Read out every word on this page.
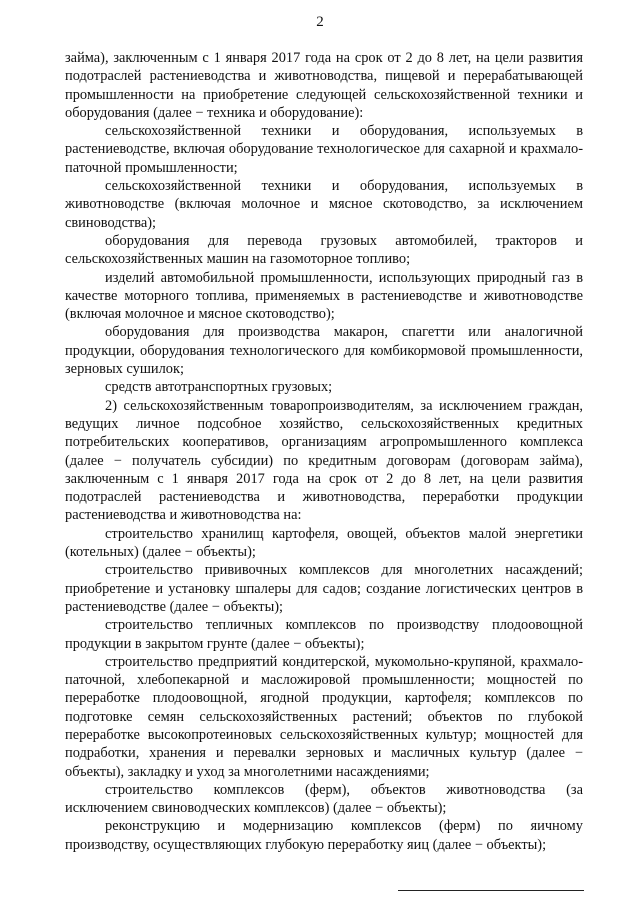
2

займа), заключенным с 1 января 2017 года на срок от 2 до 8 лет, на цели развития подотраслей растениеводства и животноводства, пищевой и перерабатывающей промышленности на приобретение следующей сельскохозяйственной техники и оборудования (далее − техника и оборудование):

сельскохозяйственной техники и оборудования, используемых в растениеводстве, включая оборудование технологическое для сахарной и крахмало-паточной промышленности;

сельскохозяйственной техники и оборудования, используемых в животноводстве (включая молочное и мясное скотоводство, за исключением свиноводства);

оборудования для перевода грузовых автомобилей, тракторов и сельскохозяйственных машин на газомоторное топливо;

изделий автомобильной промышленности, использующих природный газ в качестве моторного топлива, применяемых в растениеводстве и животноводстве (включая молочное и мясное скотоводство);

оборудования для производства макарон, спагетти или аналогичной продукции, оборудования технологического для комбикормовой промышленности, зерновых сушилок;

средств автотранспортных грузовых;

2) сельскохозяйственным товаропроизводителям, за исключением граждан, ведущих личное подсобное хозяйство, сельскохозяйственных кредитных потребительских кооперативов, организациям агропромышленного комплекса (далее − получатель субсидии) по кредитным договорам (договорам займа), заключенным с 1 января 2017 года на срок от 2 до 8 лет, на цели развития подотраслей растениеводства и животноводства, переработки продукции растениеводства и животноводства на:

строительство хранилищ картофеля, овощей, объектов малой энергетики (котельных) (далее − объекты);

строительство прививочных комплексов для многолетних насаждений; приобретение и установку шпалеры для садов; создание логистических центров в растениеводстве (далее − объекты);

строительство тепличных комплексов по производству плодоовощной продукции в закрытом грунте (далее − объекты);

строительство предприятий кондитерской, мукомольно-крупяной, крахмало-паточной, хлебопекарной и масложировой промышленности; мощностей по переработке плодоовощной, ягодной продукции, картофеля; комплексов по подготовке семян сельскохозяйственных растений; объектов по глубокой переработке высокопротеиновых сельскохозяйственных культур; мощностей для подработки, хранения и перевалки зерновых и масличных культур (далее − объекты), закладку и уход за многолетними насаждениями;

строительство комплексов (ферм), объектов животноводства (за исключением свиноводческих комплексов) (далее − объекты);

реконструкцию и модернизацию комплексов (ферм) по яичному производству, осуществляющих глубокую переработку яиц (далее − объекты);
